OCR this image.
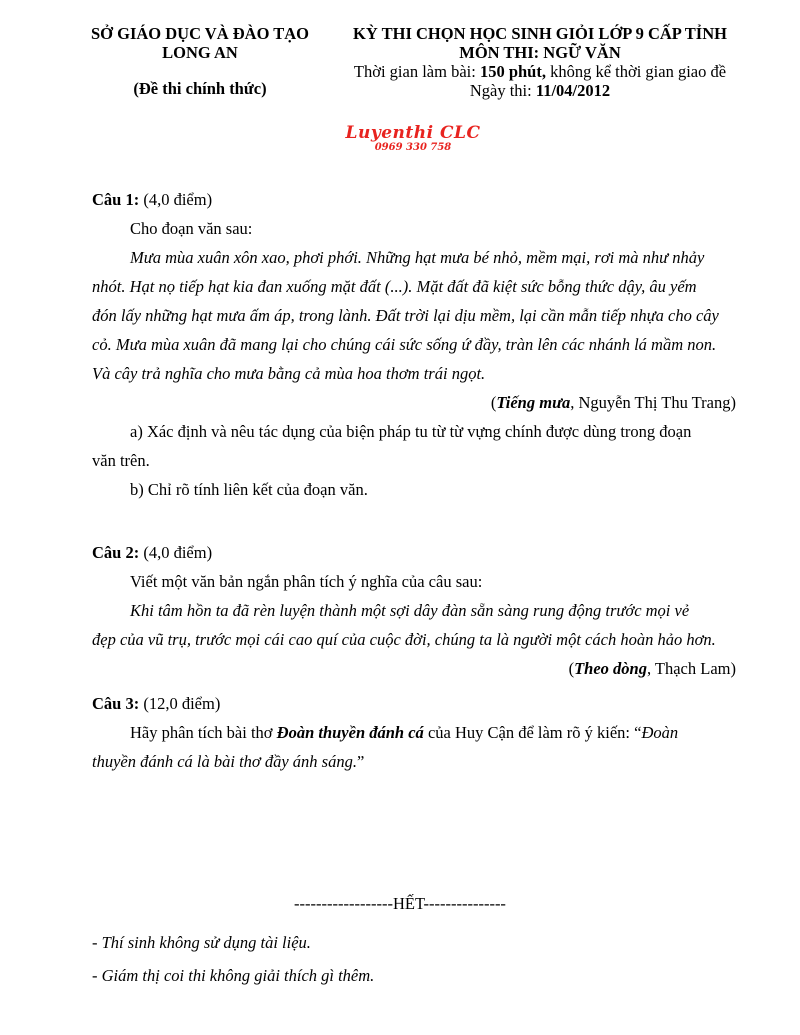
SỞ GIÁO DỤC VÀ ĐÀO TẠO
LONG AN
(Đề thi chính thức)
KỲ THI CHỌN HỌC SINH GIỎI LỚP 9 CẤP TỈNH
MÔN THI: NGỮ VĂN
Thời gian làm bài: 150 phút, không kể thời gian giao đề
Ngày thi: 11/04/2012
Luyenthi CLC
0969 330 758

Câu 1: (4,0 điểm)

Cho đoạn văn sau:

Mưa mùa xuân xôn xao, phơi phới. Những hạt mưa bé nhỏ, mềm mại, rơi mà như nhảy

nhót. Hạt nọ tiếp hạt kia đan xuống mặt đất (...). Mặt đất đã kiệt sức bỗng thức dậy, âu yếm

đón lấy những hạt mưa ấm áp, trong lành. Đất trời lại dịu mềm, lại cần mẫn tiếp nhựa cho cây

cỏ. Mưa mùa xuân đã mang lại cho chúng cái sức sống ứ đầy, tràn lên các nhánh lá mầm non.

Và cây trả nghĩa cho mưa bằng cả mùa hoa thơm trái ngọt.

(Tiếng mưa, Nguyễn Thị Thu Trang)

a) Xác định và nêu tác dụng của biện pháp tu từ từ vựng chính được dùng trong đoạn

văn trên.

b) Chỉ rõ tính liên kết của đoạn văn.

Câu 2: (4,0 điểm)

Viết một văn bản ngắn phân tích ý nghĩa của câu sau:

Khi tâm hồn ta đã rèn luyện thành một sợi dây đàn sẵn sàng rung động trước mọi vẻ

đẹp của vũ trụ, trước mọi cái cao quí của cuộc đời, chúng ta là người một cách hoàn hảo hơn.

(Theo dòng, Thạch Lam)

Câu 3: (12,0 điểm)

Hãy phân tích bài thơ Đoàn thuyền đánh cá của Huy Cận để làm rõ ý kiến: “Đoàn

thuyền đánh cá là bài thơ đầy ánh sáng.”

------------------HẾT---------------

- Thí sinh không sử dụng tài liệu.

- Giám thị coi thi không giải thích gì thêm.
